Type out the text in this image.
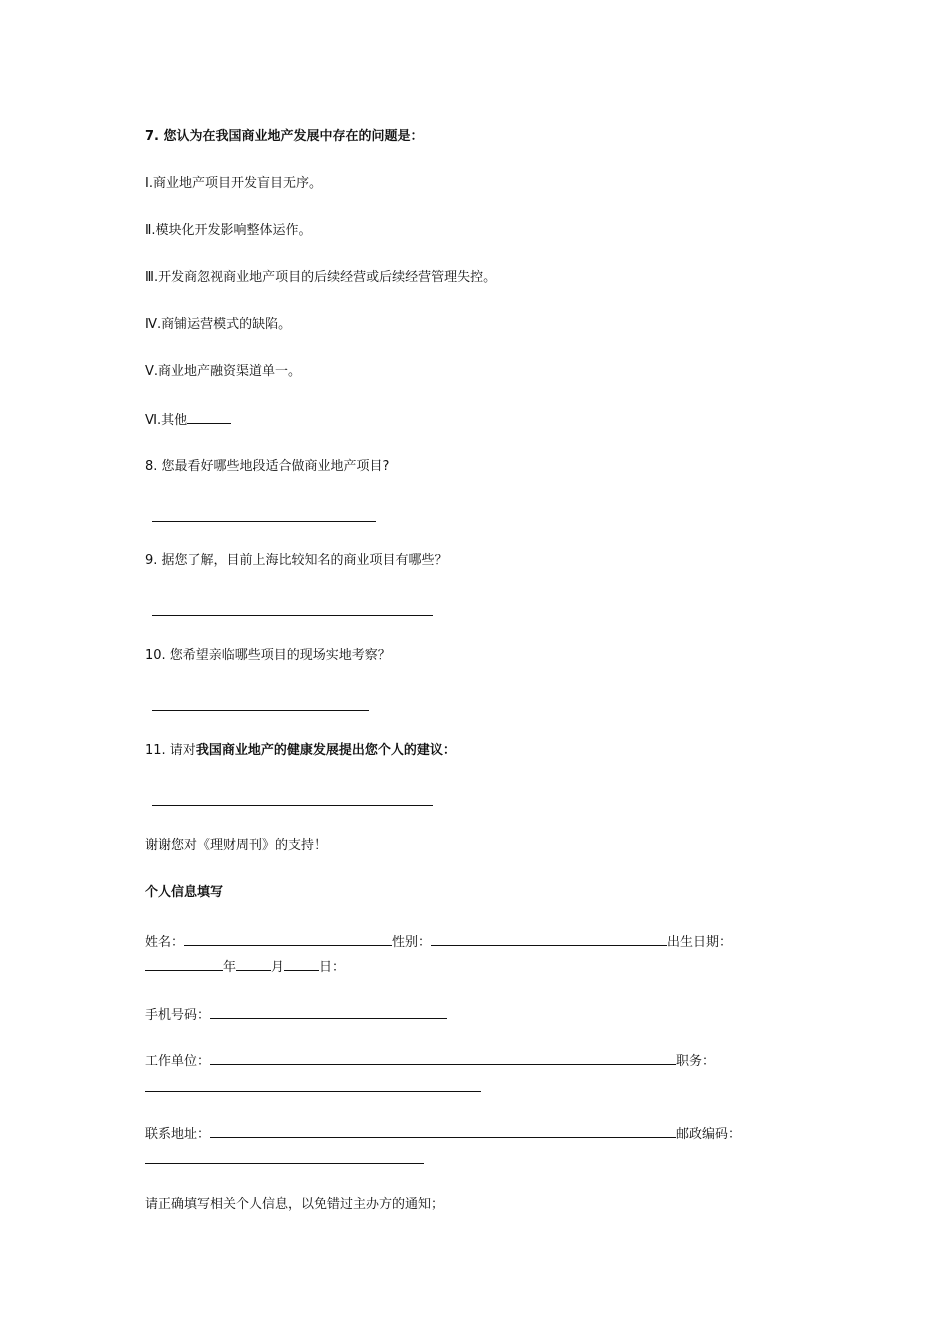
7. 您认为在我国商业地产发展中存在的问题是：
Ⅰ.商业地产项目开发盲目无序。
Ⅱ.模块化开发影响整体运作。
Ⅲ.开发商忽视商业地产项目的后续经营或后续经营管理失控。
Ⅳ.商铺运营模式的缺陷。
Ⅴ.商业地产融资渠道单一。
Ⅵ.其他
8. 您最看好哪些地段适合做商业地产项目?
9. 据您了解，目前上海比较知名的商业项目有哪些？
10. 您希望亲临哪些项目的现场实地考察？
11. 请对我国商业地产的健康发展提出您个人的建议：
谢谢您对《理财周刊》的支持！
个人信息填写
姓名：	性别：	出生日期：
年	月	日：
手机号码：
工作单位：	职务：
联系地址：	邮政编码：
请正确填写相关个人信息，以免错过主办方的通知；
